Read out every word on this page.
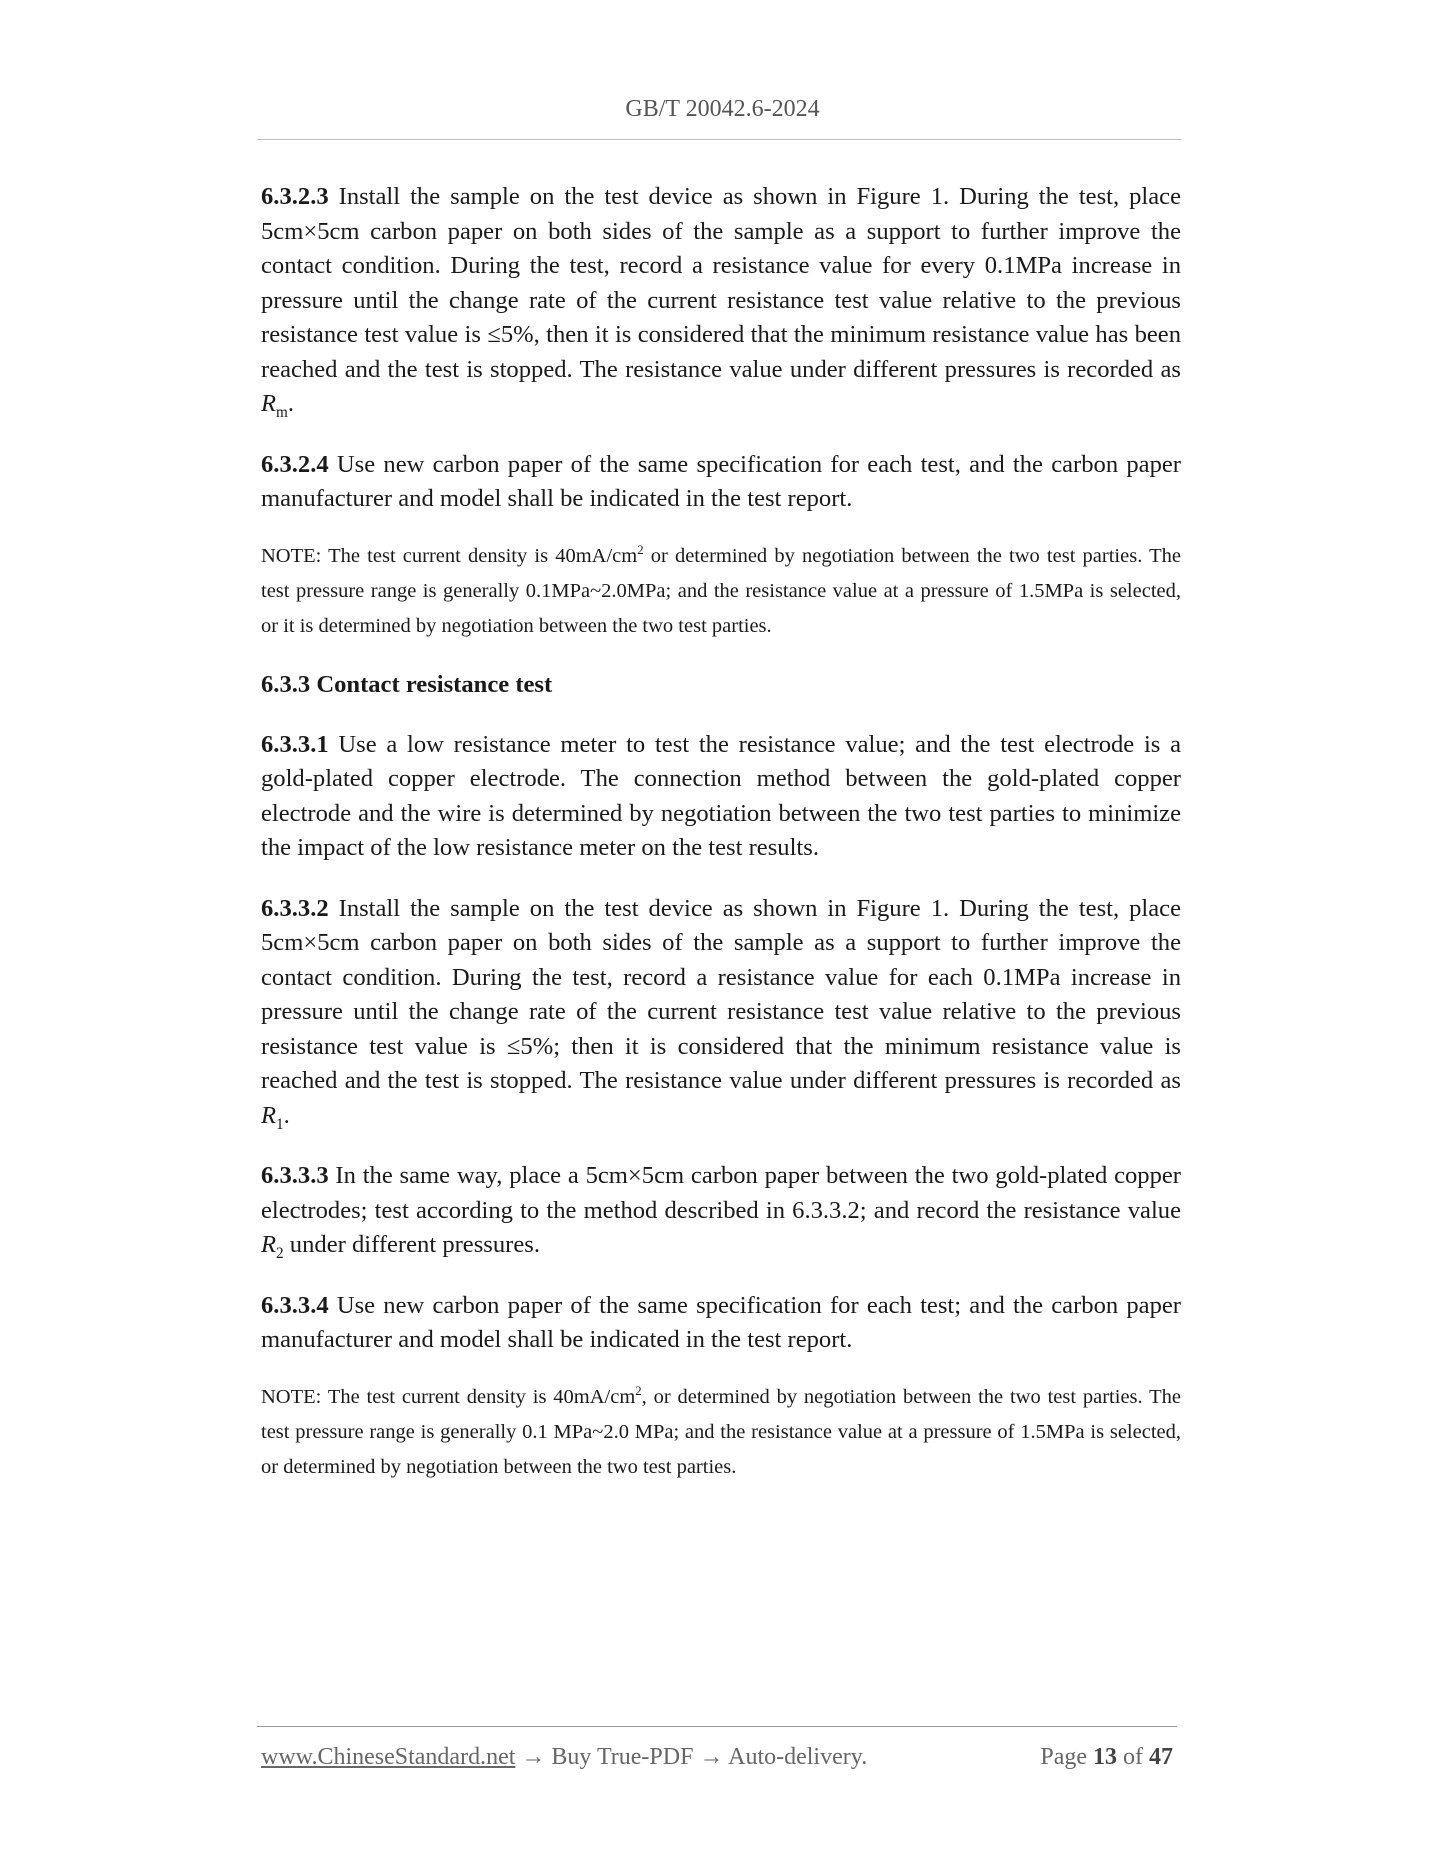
GB/T 20042.6-2024

6.3.2.3 Install the sample on the test device as shown in Figure 1. During the test, place 5cm×5cm carbon paper on both sides of the sample as a support to further improve the contact condition. During the test, record a resistance value for every 0.1MPa increase in pressure until the change rate of the current resistance test value relative to the previous resistance test value is ≤5%, then it is considered that the minimum resistance value has been reached and the test is stopped. The resistance value under different pressures is recorded as $R_m$.

6.3.2.4 Use new carbon paper of the same specification for each test, and the carbon paper manufacturer and model shall be indicated in the test report.

NOTE: The test current density is $40mA/cm^2$ or determined by negotiation between the two test parties. The test pressure range is generally 0.1MPa~2.0MPa; and the resistance value at a pressure of 1.5MPa is selected, or it is determined by negotiation between the two test parties.

6.3.3 Contact resistance test

6.3.3.1 Use a low resistance meter to test the resistance value; and the test electrode is a gold-plated copper electrode. The connection method between the gold-plated copper electrode and the wire is determined by negotiation between the two test parties to minimize the impact of the low resistance meter on the test results.

6.3.3.2 Install the sample on the test device as shown in Figure 1. During the test, place 5cm×5cm carbon paper on both sides of the sample as a support to further improve the contact condition. During the test, record a resistance value for each 0.1MPa increase in pressure until the change rate of the current resistance test value relative to the previous resistance test value is ≤5%; then it is considered that the minimum resistance value is reached and the test is stopped. The resistance value under different pressures is recorded as $R_1$.

6.3.3.3 In the same way, place a 5cm×5cm carbon paper between the two gold-plated copper electrodes; test according to the method described in 6.3.3.2; and record the resistance value $R_2$ under different pressures.

6.3.3.4 Use new carbon paper of the same specification for each test; and the carbon paper manufacturer and model shall be indicated in the test report.

NOTE: The test current density is $40mA/cm^2$, or determined by negotiation between the two test parties. The test pressure range is generally 0.1 MPa~2.0 MPa; and the resistance value at a pressure of 1.5MPa is selected, or determined by negotiation between the two test parties.

www.ChineseStandard.net → Buy True-PDF → Auto-delivery.	Page 13 of 47
